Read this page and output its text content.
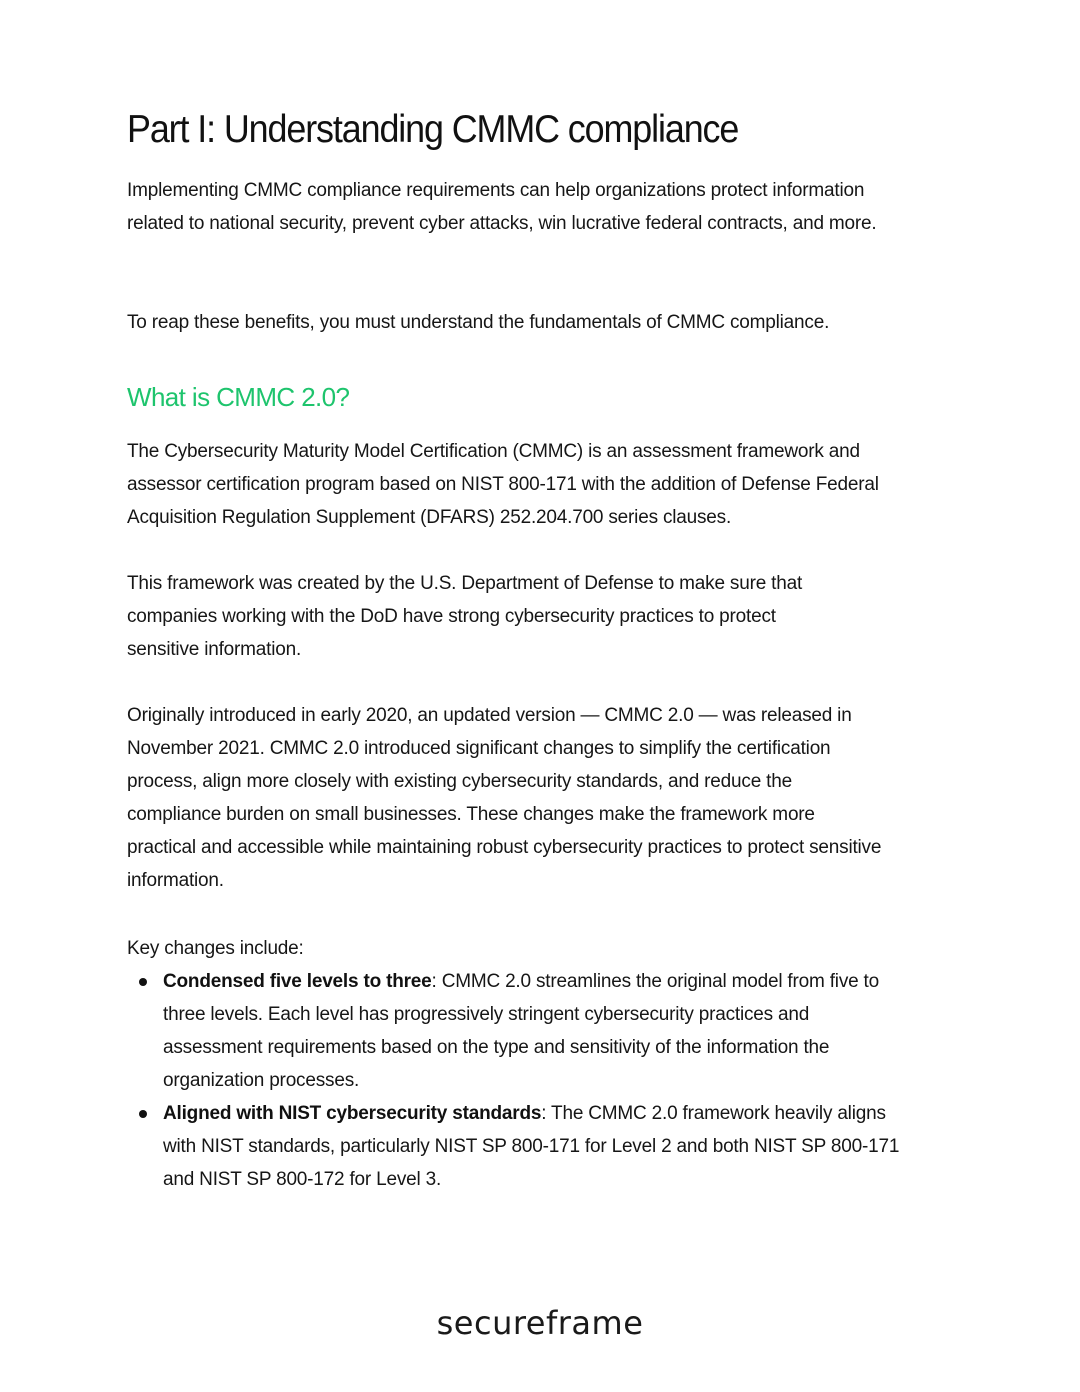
Part I: Understanding CMMC compliance

Implementing CMMC compliance requirements can help organizations protect information related to national security, prevent cyber attacks, win lucrative federal contracts, and more.

To reap these benefits, you must understand the fundamentals of CMMC compliance.

What is CMMC 2.0?

The Cybersecurity Maturity Model Certification (CMMC) is an assessment framework and assessor certification program based on NIST 800-171 with the addition of Defense Federal Acquisition Regulation Supplement (DFARS) 252.204.700 series clauses.

This framework was created by the U.S. Department of Defense to make sure that companies working with the DoD have strong cybersecurity practices to protect sensitive information.

Originally introduced in early 2020, an updated version — CMMC 2.0 — was released in November 2021. CMMC 2.0 introduced significant changes to simplify the certification process, align more closely with existing cybersecurity standards, and reduce the compliance burden on small businesses. These changes make the framework more practical and accessible while maintaining robust cybersecurity practices to protect sensitive information.

Key changes include:

Condensed five levels to three: CMMC 2.0 streamlines the original model from five to three levels. Each level has progressively stringent cybersecurity practices and assessment requirements based on the type and sensitivity of the information the organization processes.
Aligned with NIST cybersecurity standards: The CMMC 2.0 framework heavily aligns with NIST standards, particularly NIST SP 800-171 for Level 2 and both NIST SP 800-171 and NIST SP 800-172 for Level 3.
secureframe
